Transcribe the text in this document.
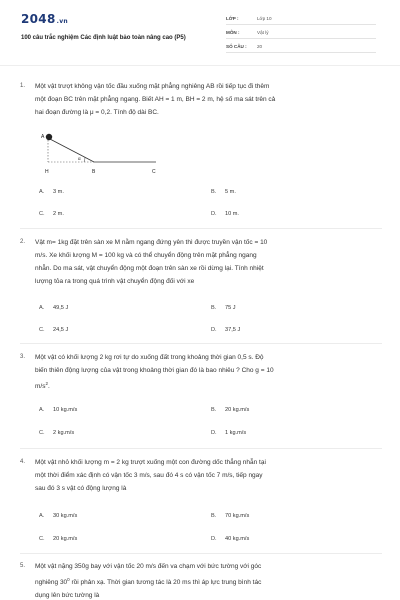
2048.vn
100 câu trắc nghiệm Các định luật bảo toàn nâng cao (P5)
LỚP :	Lớp 10
MÔN :	Vật lý
SỐ CÂU : 20
1.	Một vật trượt không vận tốc đầu xuống mặt phẳng nghiêng AB rồi tiếp tục đi thêm
một đoạn BC trên mặt phẳng ngang. Biết AH = 1 m, BH = 2 m, hệ số ma sát trên cả
hai đoạn đường là μ = 0,2. Tính độ dài BC.
A
H	B	C
α
A. 3 m.	B. 5 m.
C. 2 m.	D. 10 m.
2.	Vật m= 1kg đặt trên sàn xe M nằm ngang đứng yên thì được truyền vận tốc = 10
m/s. Xe khối lượng M = 100 kg và có thể chuyển động trên mặt phẳng ngang
nhẵn. Do ma sát, vật chuyển động một đoạn trên sàn xe rồi dừng lại. Tính nhiệt
lượng tỏa ra trong quá trình vật chuyển động đối với xe
A. 49,5 J	B. 75 J
C. 24,5 J	D. 37,5 J
3.	Một vật có khối lượng 2 kg rơi tự do xuống đất trong khoảng thời gian 0,5 s. Độ
biến thiên động lượng của vật trong khoảng thời gian đó là bao nhiêu ? Cho g = 10
$m/s^2$.
A. 10 kg.m/s	B. 20 kg.m/s
C. 2 kg.m/s	D. 1 kg.m/s
4.	Một vật nhỏ khối lượng m = 2 kg trượt xuống một con đường dốc thẳng nhẵn tại
một thời điểm xác định có vận tốc 3 m/s, sau đó 4 s có vận tốc 7 m/s, tiếp ngay
sau đó 3 s vật có động lượng là
A. 30 kg.m/s	B. 70 kg.m/s
C. 20 kg.m/s	D. 40 kg.m/s
5.	Một vật nặng 350g bay với vận tốc 20 m/s đến va chạm với bức tường với góc
nghiêng $30^0$ rồi phản xạ. Thời gian tương tác là 20 ms thì áp lực trung bình tác
dụng lên bức tường là
